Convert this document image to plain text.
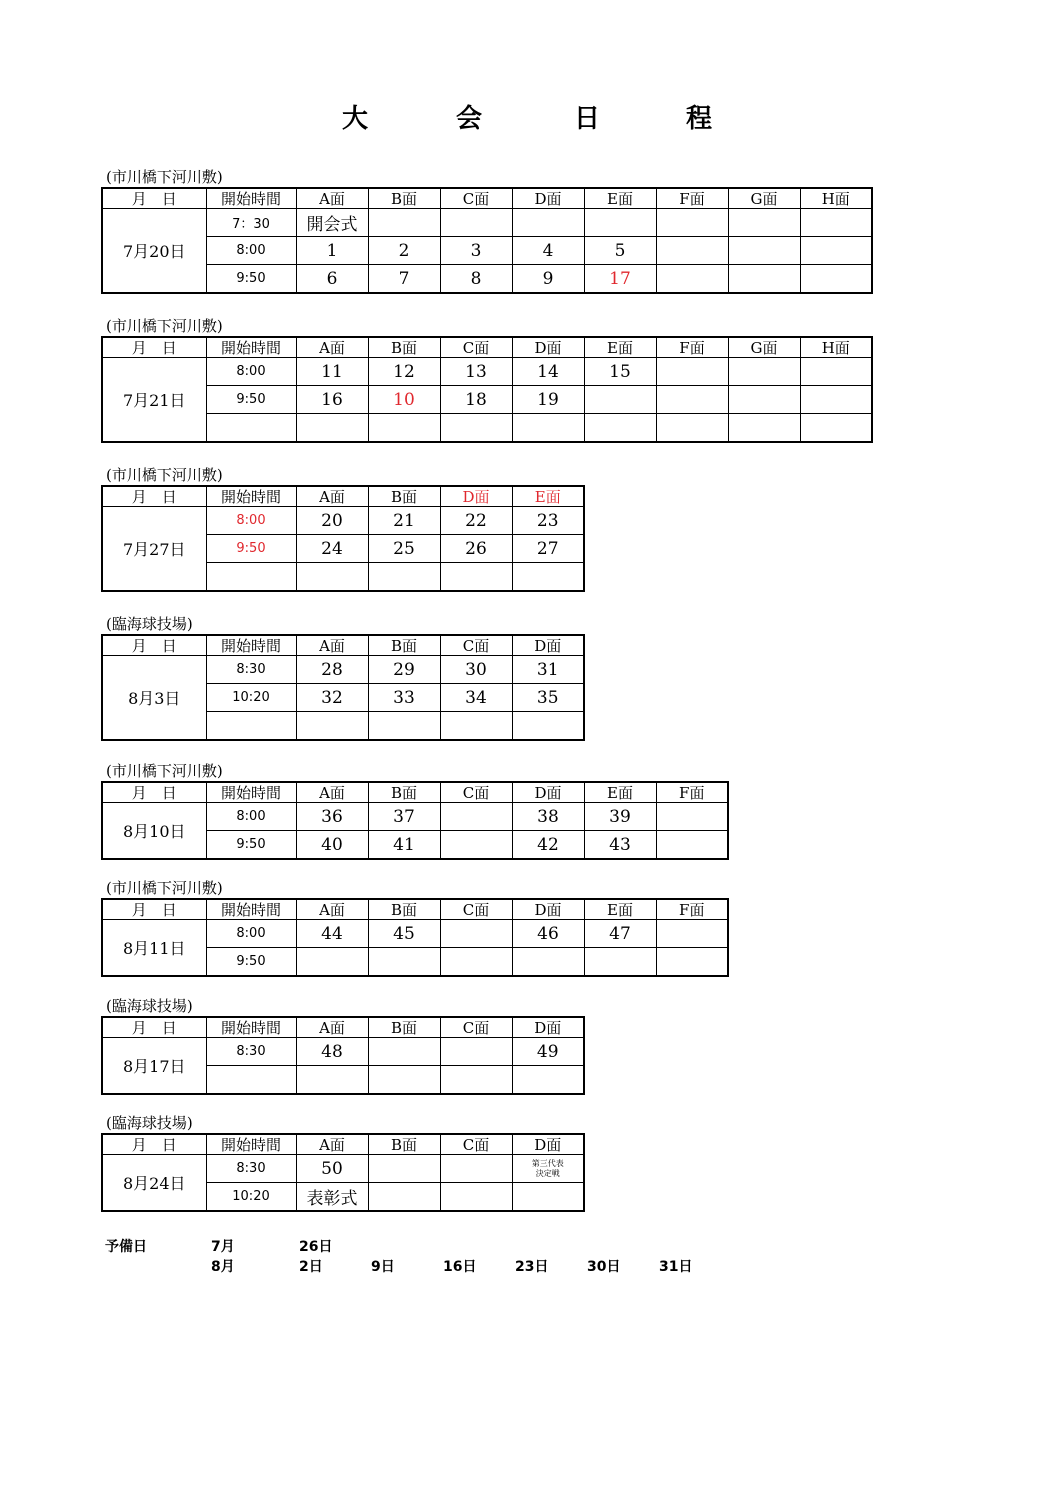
大	会	日	程
(市川橋下河川敷)
月　日	開始時間	A面	B面	C面	D面	E面	F面	G面	H面
7月20日	7：30	開会式							
	8:00	1	2	3	4	5			
	9:50	6	7	8	9	17			
(市川橋下河川敷)
月　日	開始時間	A面	B面	C面	D面	E面	F面	G面	H面
7月21日	8:00	11	12	13	14	15			
	9:50	16	10	18	19				

(市川橋下河川敷)
月　日	開始時間	A面	B面	D面	E面
7月27日	8:00	20	21	22	23
	9:50	24	25	26	27

(臨海球技場)
月　日	開始時間	A面	B面	C面	D面
8月3日	8:30	28	29	30	31
	10:20	32	33	34	35

(市川橋下河川敷)
月　日	開始時間	A面	B面	C面	D面	E面	F面
8月10日	8:00	36	37		38	39	
	9:50	40	41		42	43	
(市川橋下河川敷)
月　日	開始時間	A面	B面	C面	D面	E面	F面
8月11日	8:00	44	45		46	47	
	9:50						
(臨海球技場)
月　日	開始時間	A面	B面	C面	D面
8月17日	8:30	48			49

(臨海球技場)
月　日	開始時間	A面	B面	C面	D面
8月24日	8:30	50			第三代表
決定戦
	10:20	表彰式			
予備日	7月	26日
8月	2日	9日	16日	23日	30日	31日
